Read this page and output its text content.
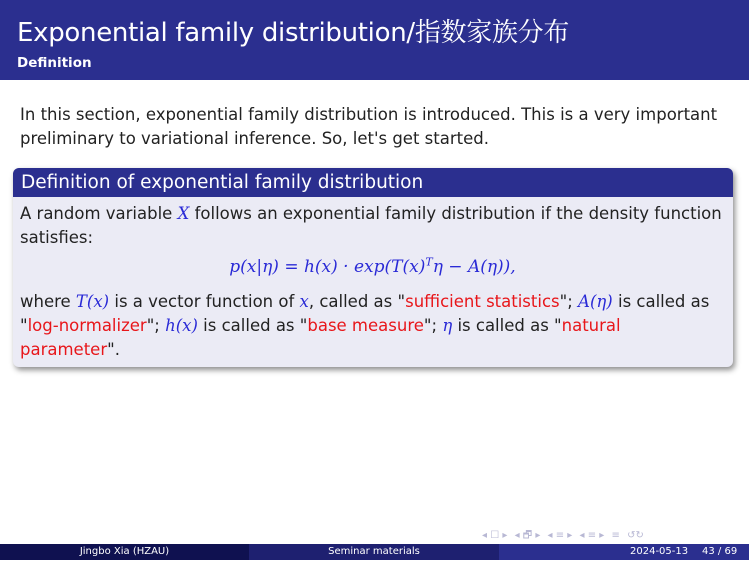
Exponential family distribution/指数家族分布
Definition
In this section, exponential family distribution is introduced. This is a very important preliminary to variational inference. So, let's get started.
Definition of exponential family distribution
A random variable X follows an exponential family distribution if the density function satisfies:
$p(x|\eta) = h(x) \cdot \exp(T(x)^T\eta - A(\eta))$,
where T(x) is a vector function of x, called as "sufficient statistics"; A(η) is called as "log-normalizer"; h(x) is called as "base measure"; η is called as "natural parameter".
◂ ☐ ▸ ◂ 🗗 ▸ ◂ ≡ ▸ ◂ ≡ ▸ ≡ ↺↻
Jingbo Xia (HZAU)	Seminar materials	2024-05-13 43 / 69
